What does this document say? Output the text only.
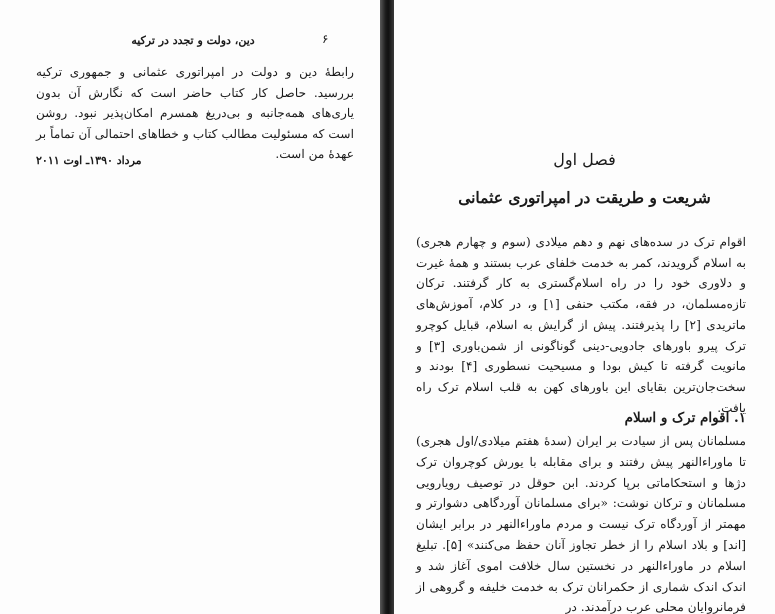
دین، دولت و تجدد در ترکیه	۶

رابطهٔ دین و دولت در امپراتوری عثمانی و جمهوری ترکیه بررسید. حاصل کار کتاب حاضر است که نگارش آن بدون یاری‌های همه‌جانبه و بی‌دریغ همسرم امکان‌پذیر نبود. روشن است که مسئولیت مطالب کتاب و خطاهای احتمالی آن تماماً بر عهدهٔ من است.

مرداد ۱۳۹۰ـ اوت ۲۰۱۱	فصل اول
شریعت و طریقت در امپراتوری عثمانی

اقوام ترک در سده‌های نهم و دهم میلادی (سوم و چهارم هجری) به اسلام گرویدند، کمر به خدمت خلفای عرب بستند و همهٔ غیرت و دلاوری خود را در راه اسلام‌گستری به کار گرفتند. ترکان تازه‌مسلمان، در فقه، مکتب حنفی [۱] و، در کلام، آموزش‌های ماتریدی [۲] را پذیرفتند. پیش از گرایش به اسلام، قبایل کوچرو ترک پیرو باورهای جادویی-دینی گوناگونی از شمن‌باوری [۳] و مانویت گرفته تا کیش بودا و مسیحیت نسطوری [۴] بودند و سخت‌جان‌ترین بقایای این باورهای کهن به قلب اسلام ترک راه یافت.

۱. اقوام ترک و اسلام

مسلمانان پس از سیادت بر ایران (سدهٔ هفتم میلادی/اول هجری) تا ماوراءالنهر پیش رفتند و برای مقابله با یورش کوچروان ترک دژها و استحکاماتی برپا کردند. ابن حوقل در توصیف رویارویی مسلمانان و ترکان نوشت: «برای مسلمانان آوردگاهی دشوارتر و مهمتر از آوردگاه ترک نیست و مردم ماوراءالنهر در برابر ایشان [اند] و بلاد اسلام را از خطر تجاوز آنان حفظ می‌کنند» [۵]. تبلیغ اسلام در ماوراءالنهر در نخستین سال خلافت اموی آغاز شد و اندک اندک شماری از حکمرانان ترک به خدمت خلیفه و گروهی از فرمانروایان محلی عرب درآمدند. در
